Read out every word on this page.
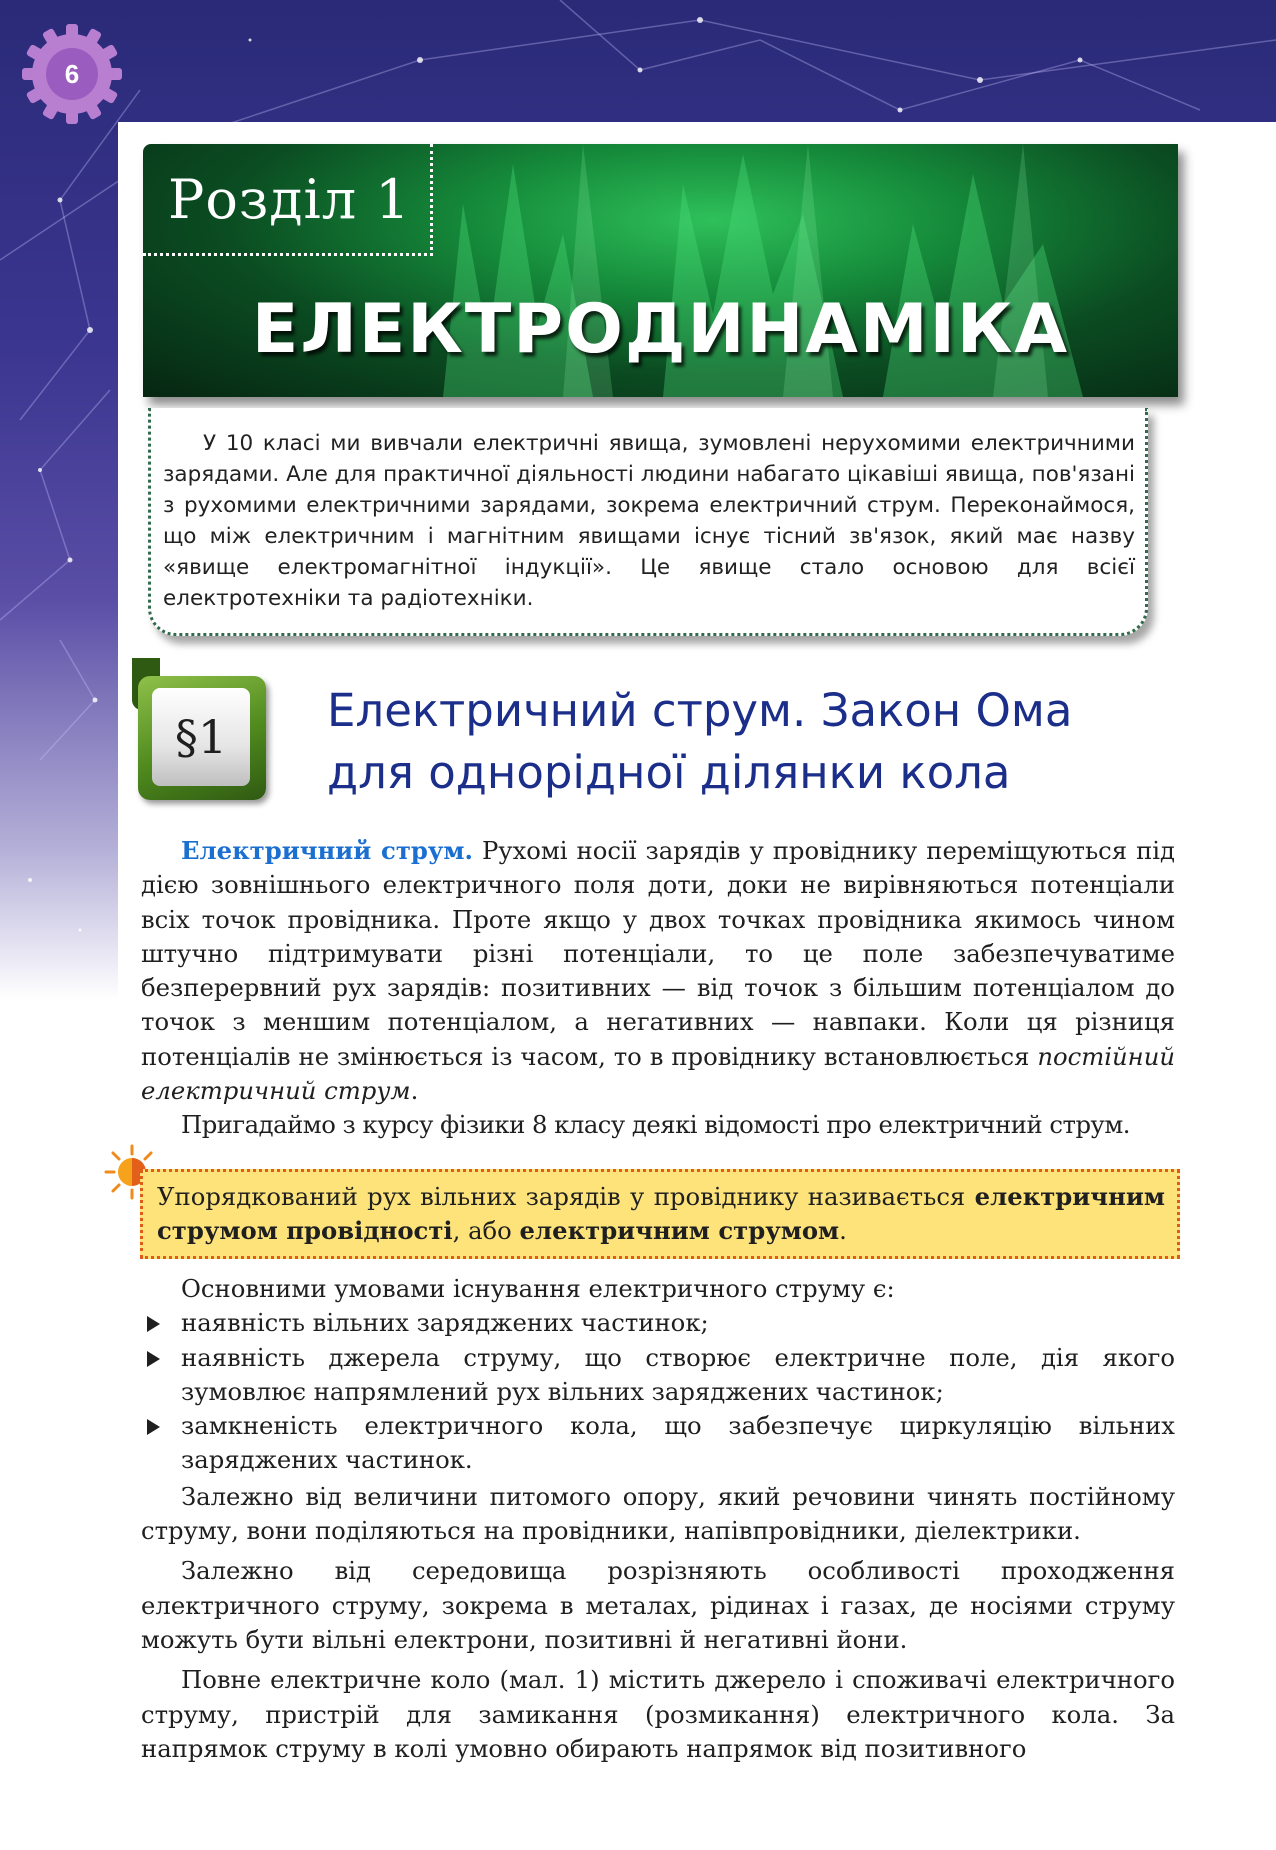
6
Розділ 1
ЕЛЕКТРОДИНАМІКА

У 10 класі ми вивчали електричні явища, зумовлені нерухомими електричними зарядами. Але для практичної діяльності людини набагато цікавіші явища, пов'язані з рухомими електричними зарядами, зокрема електричний струм. Переконаймося, що між електричним і магнітним явищами існує тісний зв'язок, який має назву «явище електромагнітної індукції». Це явище стало основою для всієї електротехніки та радіотехніки.

§1	Електричний струм. Закон Ома
для однорідної ділянки кола

Електричний струм. Рухомі носії зарядів у провіднику переміщуються під дією зовнішнього електричного поля доти, доки не вирівняються потенціали всіх точок провідника. Проте якщо у двох точках провідника якимось чином штучно підтримувати різні потенціали, то це поле забезпечуватиме безперервний рух зарядів: позитивних — від точок з більшим потенціалом до точок з меншим потенціалом, а негативних — навпаки. Коли ця різниця потенціалів не змінюється із часом, то в провіднику встановлюється постійний електричний струм.

Пригадаймо з курсу фізики 8 класу деякі відомості про електричний струм.

Упорядкований рух вільних зарядів у провіднику називається електричним струмом провідності, або електричним струмом.

Основними умовами існування електричного струму є:

наявність вільних заряджених частинок;
наявність джерела струму, що створює електричне поле, дія якого зумовлює напрямлений рух вільних заряджених частинок;
замкненість електричного кола, що забезпечує циркуляцію вільних заряджених частинок.

Залежно від величини питомого опору, який речовини чинять постійному струму, вони поділяються на провідники, напівпровідники, діелектрики.

Залежно від середовища розрізняють особливості проходження електричного струму, зокрема в металах, рідинах і газах, де носіями струму можуть бути вільні електрони, позитивні й негативні йони.

Повне електричне коло (мал. 1) містить джерело і споживачі електричного струму, пристрій для замикання (розмикання) електричного кола. За напрямок струму в колі умовно обирають напрямок від позитивного
